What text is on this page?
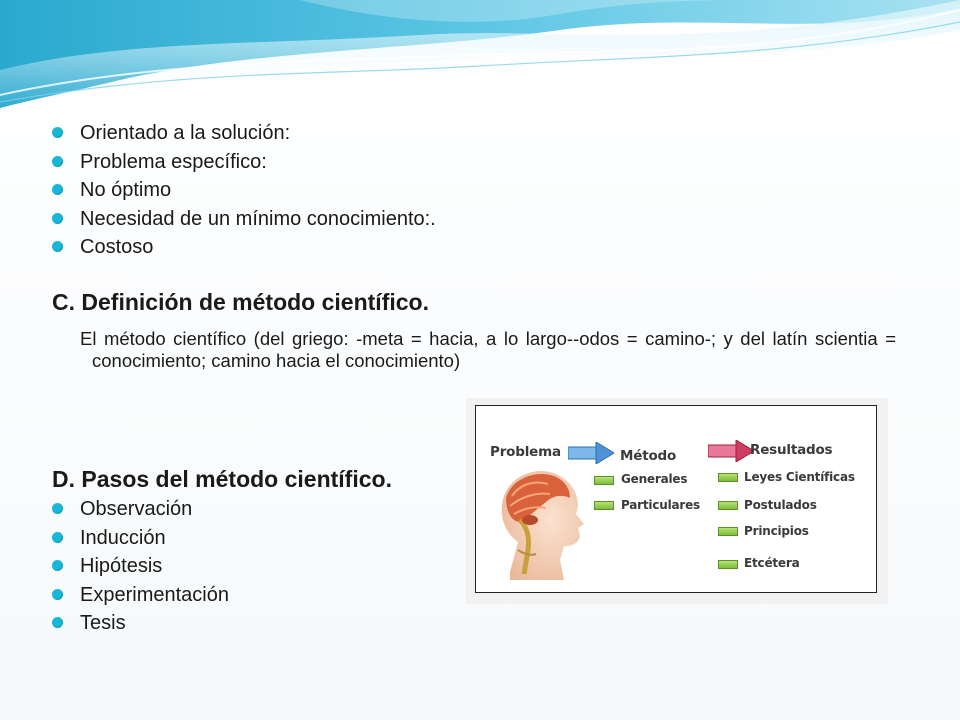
Orientado a la solución:
Problema específico:
No óptimo
Necesidad de un mínimo conocimiento:.
Costoso
C. Definición de método científico.
El método científico (del griego: -meta = hacia, a lo largo--odos = camino-; y del latín scientia = conocimiento; camino hacia el conocimiento)
D. Pasos del método científico.
Observación
Inducción
Hipótesis
Experimentación
Tesis
Problema	Método	Resultados
Generales
Particulares
Leyes Científicas
Postulados
Principios
Etcétera
